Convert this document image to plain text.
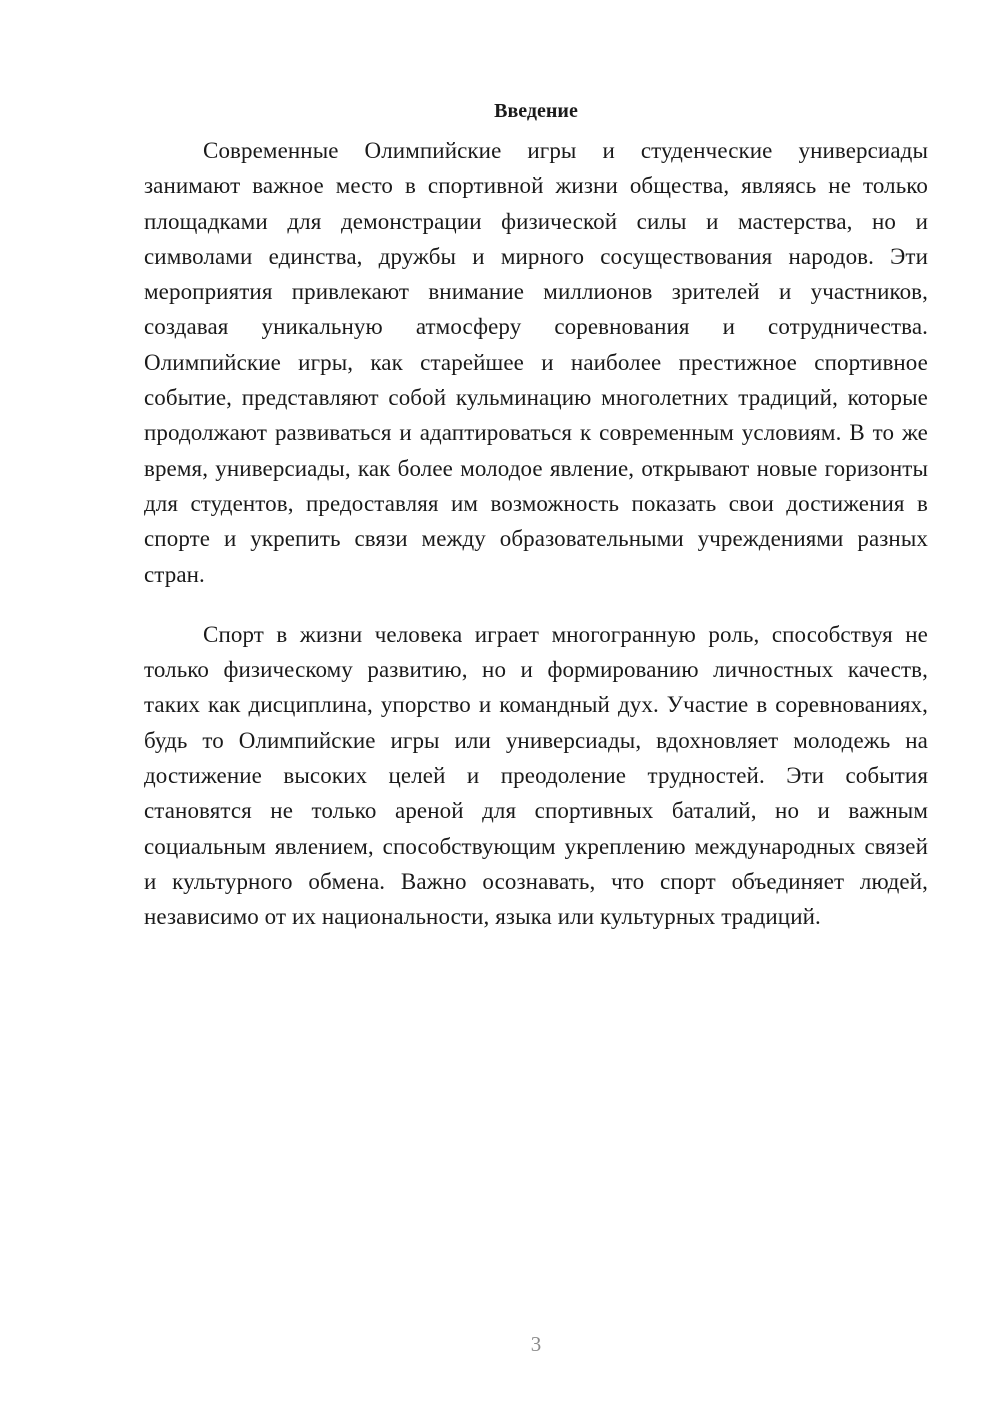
Введение

Современные Олимпийские игры и студенческие универсиады занимают важное место в спортивной жизни общества, являясь не только площадками для демонстрации физической силы и мастерства, но и символами единства, дружбы и мирного сосуществования народов. Эти мероприятия привлекают внимание миллионов зрителей и участников, создавая уникальную атмосферу соревнования и сотрудничества. Олимпийские игры, как старейшее и наиболее престижное спортивное событие, представляют собой кульминацию многолетних традиций, которые продолжают развиваться и адаптироваться к современным условиям. В то же время, универсиады, как более молодое явление, открывают новые горизонты для студентов, предоставляя им возможность показать свои достижения в спорте и укрепить связи между образовательными учреждениями разных стран.

Спорт в жизни человека играет многогранную роль, способствуя не только физическому развитию, но и формированию личностных качеств, таких как дисциплина, упорство и командный дух. Участие в соревнованиях, будь то Олимпийские игры или универсиады, вдохновляет молодежь на достижение высоких целей и преодоление трудностей. Эти события становятся не только ареной для спортивных баталий, но и важным социальным явлением, способствующим укреплению международных связей и культурного обмена. Важно осознавать, что спорт объединяет людей, независимо от их национальности, языка или культурных традиций.

3
